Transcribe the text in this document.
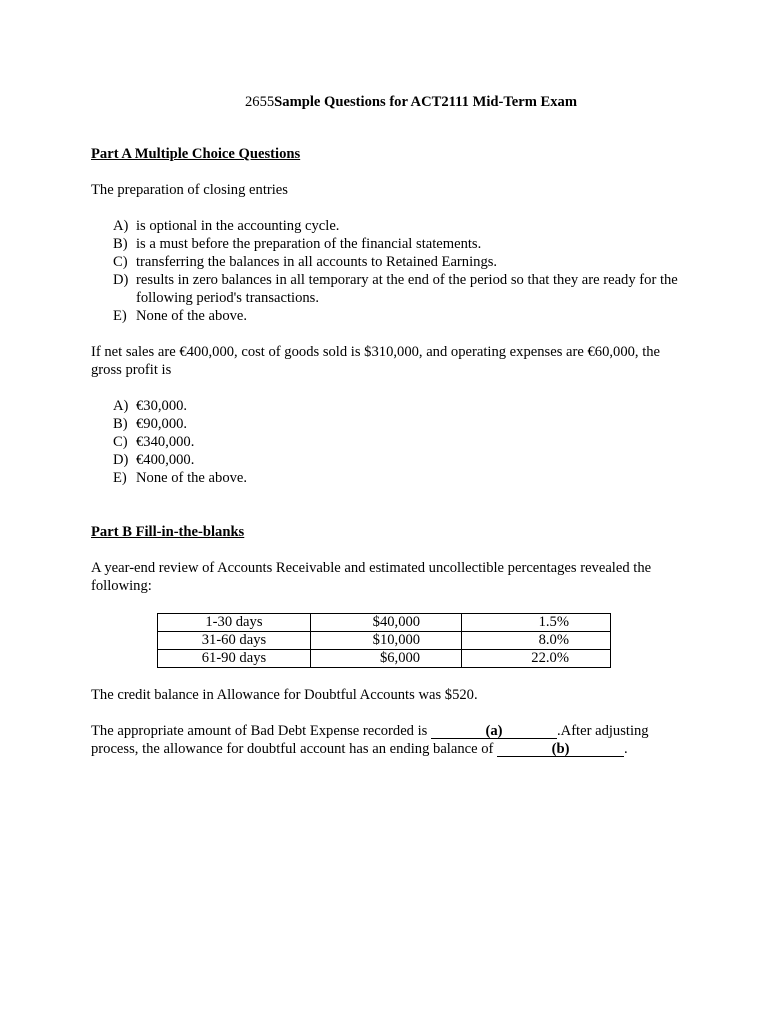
2655Sample Questions for ACT2111 Mid-Term Exam
Part A Multiple Choice Questions
The preparation of closing entries
A) is optional in the accounting cycle.
B) is a must before the preparation of the financial statements.
C) transferring the balances in all accounts to Retained Earnings.
D) results in zero balances in all temporary at the end of the period so that they are ready for the following period's transactions.
E) None of the above.
If net sales are €400,000, cost of goods sold is $310,000, and operating expenses are €60,000, the gross profit is
A) €30,000.
B) €90,000.
C) €340,000.
D) €400,000.
E) None of the above.
Part B Fill-in-the-blanks
A year-end review of Accounts Receivable and estimated uncollectible percentages revealed the following:
1-30 days	$40,000	1.5%
31-60 days	$10,000	8.0%
61-90 days	$6,000	22.0%
The credit balance in Allowance for Doubtful Accounts was $520.
The appropriate amount of Bad Debt Expense recorded is	(a)	.After adjusting process, the allowance for doubtful account has an ending balance of	(b)	.
